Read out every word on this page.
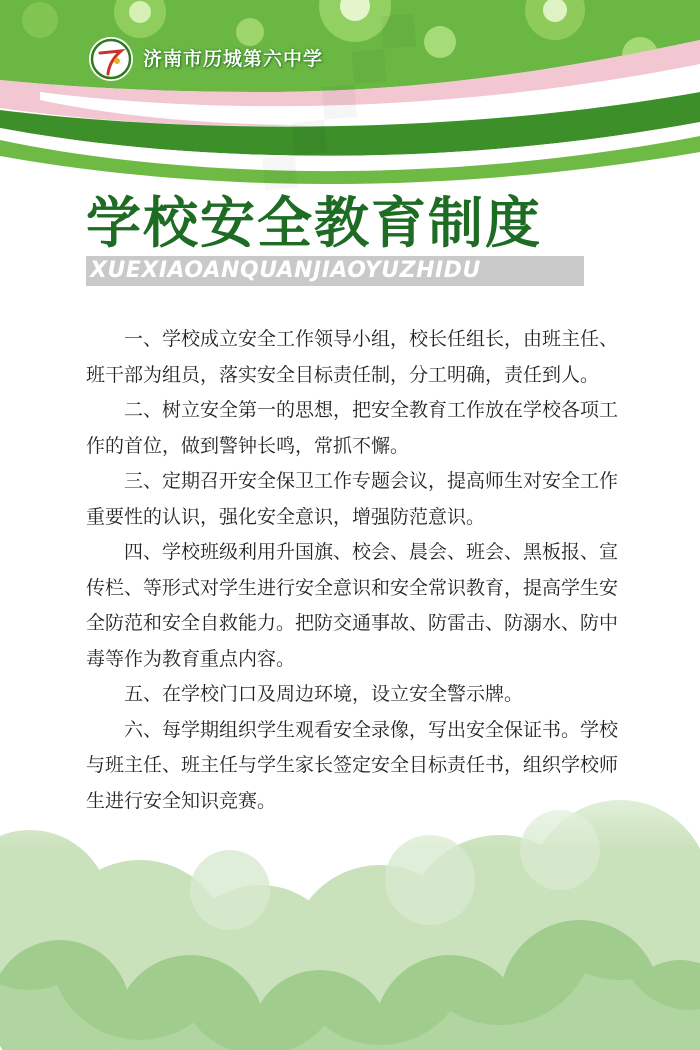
济南市历城第六中学
学校安全教育制度
XUEXIAOANQUANJIAOYUZHIDU

一、学校成立安全工作领导小组，校长任组长，由班主任、班干部为组员，落实安全目标责任制，分工明确，责任到人。

二、树立安全第一的思想，把安全教育工作放在学校各项工作的首位，做到警钟长鸣，常抓不懈。

三、定期召开安全保卫工作专题会议，提高师生对安全工作重要性的认识，强化安全意识，增强防范意识。

四、学校班级利用升国旗、校会、晨会、班会、黑板报、宣传栏、等形式对学生进行安全意识和安全常识教育，提高学生安全防范和安全自救能力。把防交通事故、防雷击、防溺水、防中毒等作为教育重点内容。

五、在学校门口及周边环境，设立安全警示牌。

六、每学期组织学生观看安全录像，写出安全保证书。学校与班主任、班主任与学生家长签定安全目标责任书，组织学校师生进行安全知识竞赛。
